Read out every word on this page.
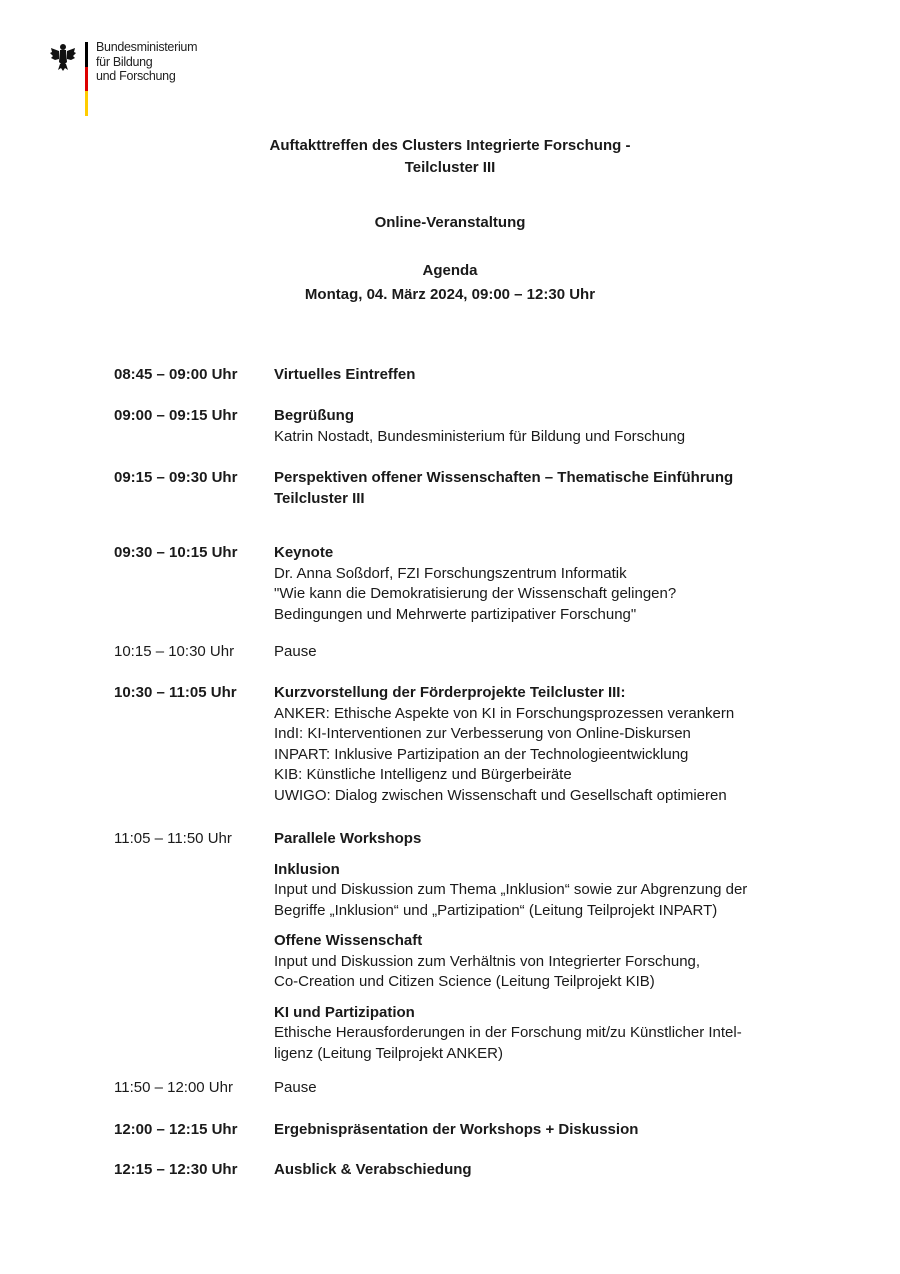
Bundesministerium
für Bildung
und Forschung
Auftakttreffen des Clusters Integrierte Forschung -
Teilcluster III
Online-Veranstaltung
Agenda
Montag, 04. März 2024, 09:00 – 12:30 Uhr
08:45 – 09:00 Uhr	Virtuelles Eintreffen
09:00 – 09:15 Uhr	Begrüßung
Katrin Nostadt, Bundesministerium für Bildung und Forschung
09:15 – 09:30 Uhr	Perspektiven offener Wissenschaften – Thematische Einführung
Teilcluster III
09:30 – 10:15 Uhr	Keynote
Dr. Anna Soßdorf, FZI Forschungszentrum Informatik
"Wie kann die Demokratisierung der Wissenschaft gelingen?
Bedingungen und Mehrwerte partizipativer Forschung"
10:15 – 10:30 Uhr	Pause
10:30 – 11:05 Uhr	Kurzvorstellung der Förderprojekte Teilcluster III:
ANKER: Ethische Aspekte von KI in Forschungsprozessen verankern
IndI: KI-Interventionen zur Verbesserung von Online-Diskursen
INPART: Inklusive Partizipation an der Technologieentwicklung
KIB: Künstliche Intelligenz und Bürgerbeiräte
UWIGO: Dialog zwischen Wissenschaft und Gesellschaft optimieren
11:05 – 11:50 Uhr	Parallele Workshops
Inklusion
Input und Diskussion zum Thema „Inklusion“ sowie zur Abgrenzung der
Begriffe „Inklusion“ und „Partizipation“ (Leitung Teilprojekt INPART)
Offene Wissenschaft
Input und Diskussion zum Verhältnis von Integrierter Forschung,
Co-Creation und Citizen Science (Leitung Teilprojekt KIB)
KI und Partizipation
Ethische Herausforderungen in der Forschung mit/zu Künstlicher Intel-
ligenz (Leitung Teilprojekt ANKER)
11:50 – 12:00 Uhr	Pause
12:00 – 12:15 Uhr	Ergebnispräsentation der Workshops + Diskussion
12:15 – 12:30 Uhr	Ausblick & Verabschiedung
